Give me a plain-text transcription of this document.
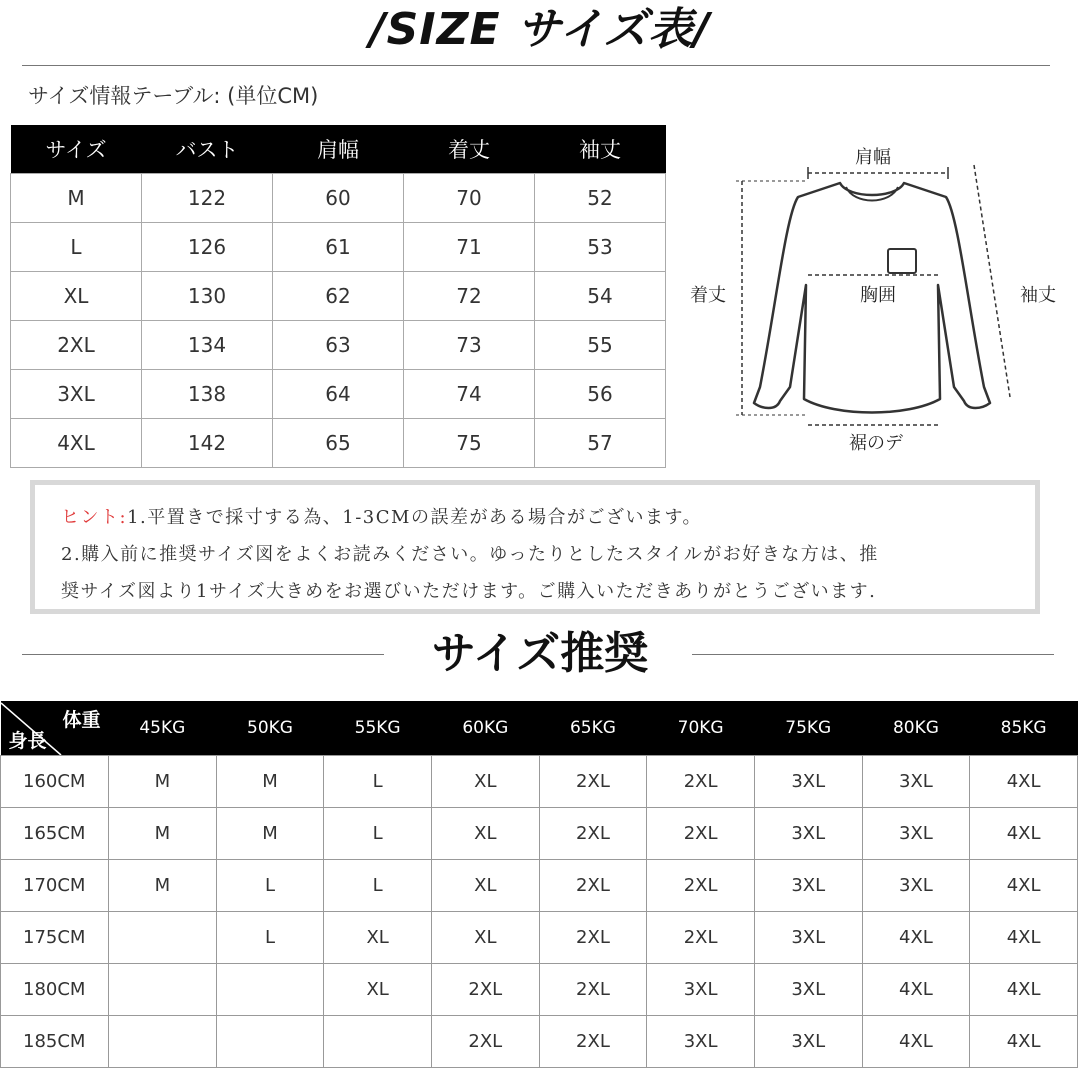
/SIZE サイズ表/
サイズ情報テーブル: (単位CM)
サイズ	バスト	肩幅	着丈	袖丈
M	122	60	70	52
L	126	61	71	53
XL	130	62	72	54
2XL	134	63	73	55
3XL	138	64	74	56
4XL	142	65	75	57
肩幅
着丈	胸囲	袖丈
裾のデ
ヒント:1.平置きで採寸する為、1-3CMの誤差がある場合がございます。
2.購入前に推奨サイズ図をよくお読みください。ゆったりとしたスタイルがお好きな方は、推
奨サイズ図より1サイズ大きめをお選びいただけます。ご購入いただきありがとうございます.
サイズ推奨
体重
身長	45KG	50KG	55KG	60KG	65KG	70KG	75KG	80KG	85KG
160CM	M	M	L	XL	2XL	2XL	3XL	3XL	4XL
165CM	M	M	L	XL	2XL	2XL	3XL	3XL	4XL
170CM	M	L	L	XL	2XL	2XL	3XL	3XL	4XL
175CM		L	XL	XL	2XL	2XL	3XL	4XL	4XL
180CM			XL	2XL	2XL	3XL	3XL	4XL	4XL
185CM				2XL	2XL	3XL	3XL	4XL	4XL
